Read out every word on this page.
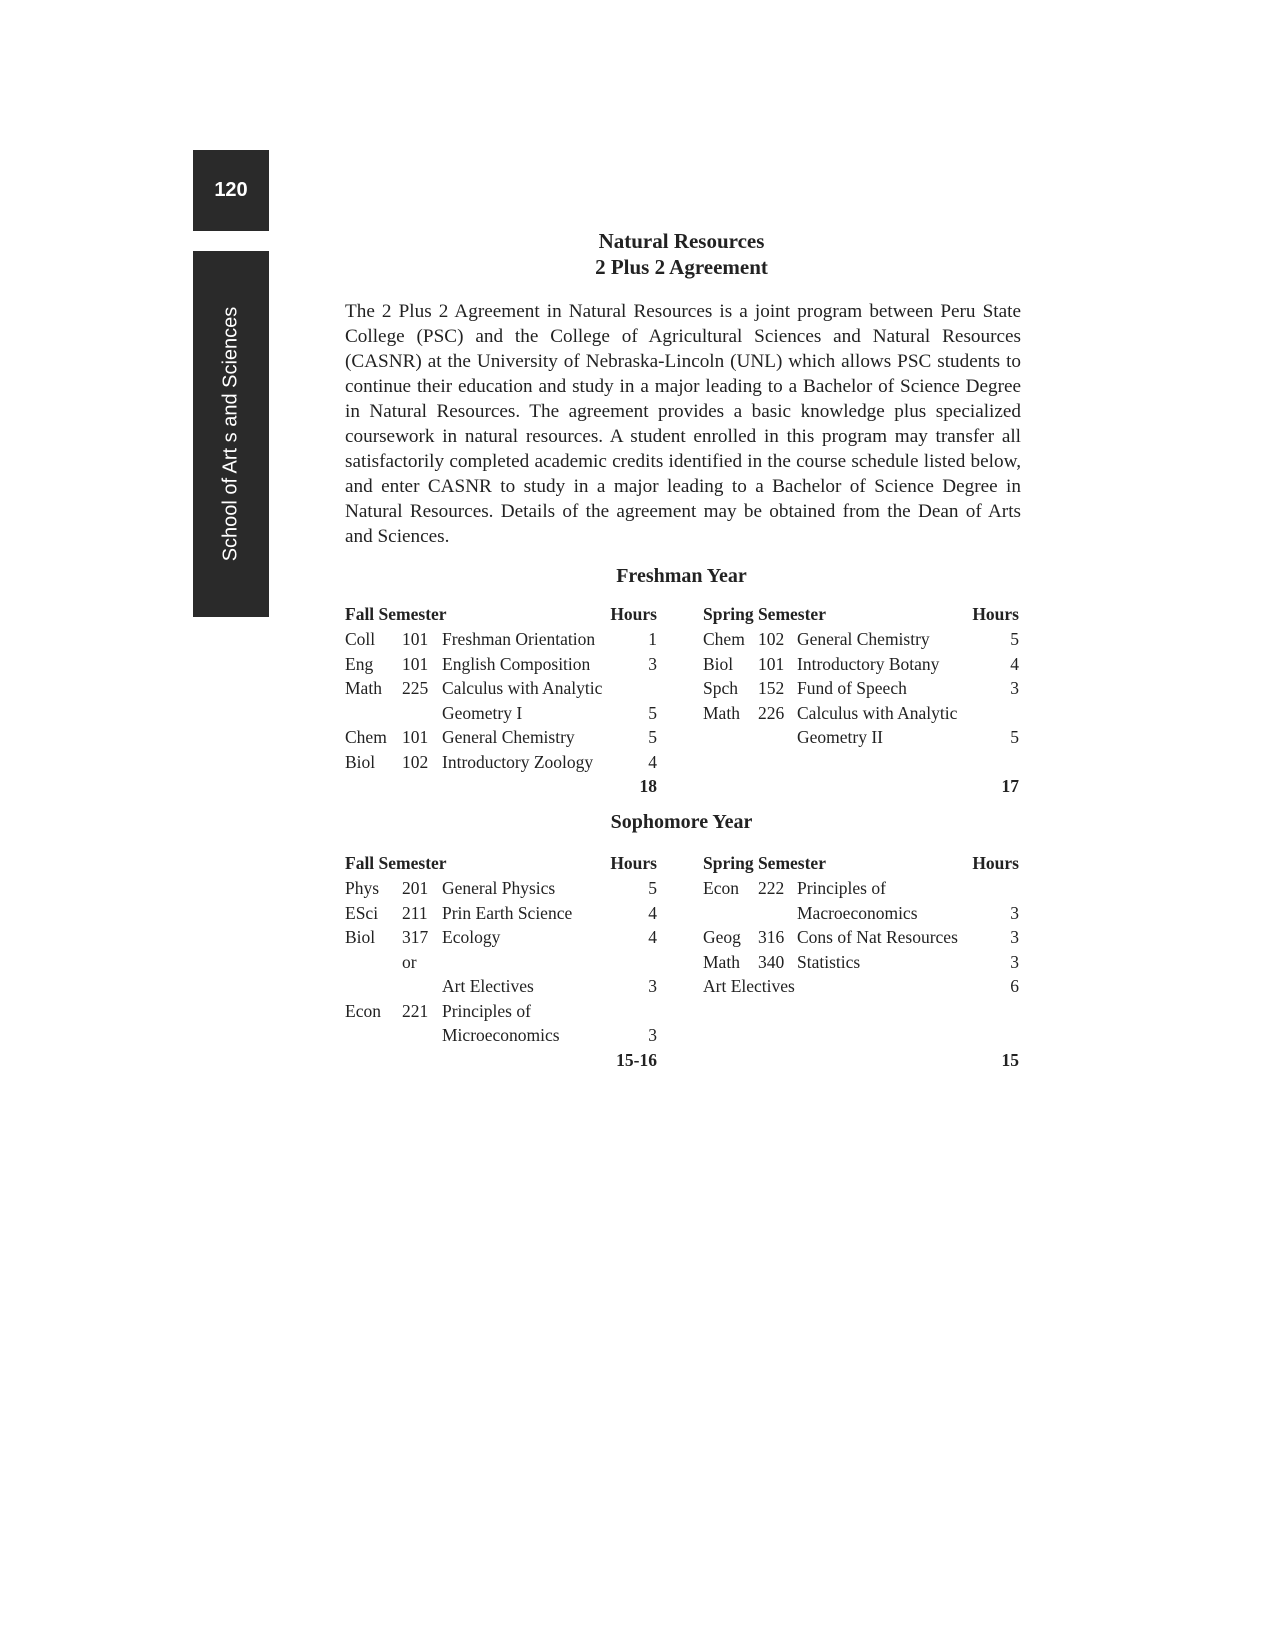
120
School of Art s and Sciences
Natural Resources
2 Plus 2 Agreement

The 2 Plus 2 Agreement in Natural Resources is a joint program between Peru State College (PSC) and the College of Agricultural Sciences and Natural Resources (CASNR) at the University of Nebraska-Lincoln (UNL) which allows PSC students to continue their education and study in a major leading to a Bachelor of Science Degree in Natural Resources. The agreement provides a basic knowledge plus specialized coursework in natural resources. A student enrolled in this program may transfer all satisfactorily completed academic credits identified in the course schedule listed below, and enter CASNR to study in a major leading to a Bachelor of Science Degree in Natural Resources. Details of the agreement may be obtained from the Dean of Arts and Sciences.

Freshman Year
Fall Semester	Hours
Coll 101 Freshman Orientation	1
Eng 101 English Composition	3
Math 225 Calculus with Analytic
Geometry I	5
Chem 101 General Chemistry	5
Biol 102 Introductory Zoology	4
18
Spring Semester	Hours
Chem 102 General Chemistry	5
Biol 101 Introductory Botany	4
Spch 152 Fund of Speech	3
Math 226 Calculus with Analytic
Geometry II	5
17
Sophomore Year
Fall Semester	Hours
Phys 201 General Physics	5
ESci 211 Prin Earth Science	4
Biol 317 Ecology	4
or
Art Electives	3
Econ 221 Principles of
Microeconomics	3
15-16
Spring Semester	Hours
Econ 222 Principles of
Macroeconomics	3
Geog 316 Cons of Nat Resources	3
Math 340 Statistics	3
Art Electives	6
15
